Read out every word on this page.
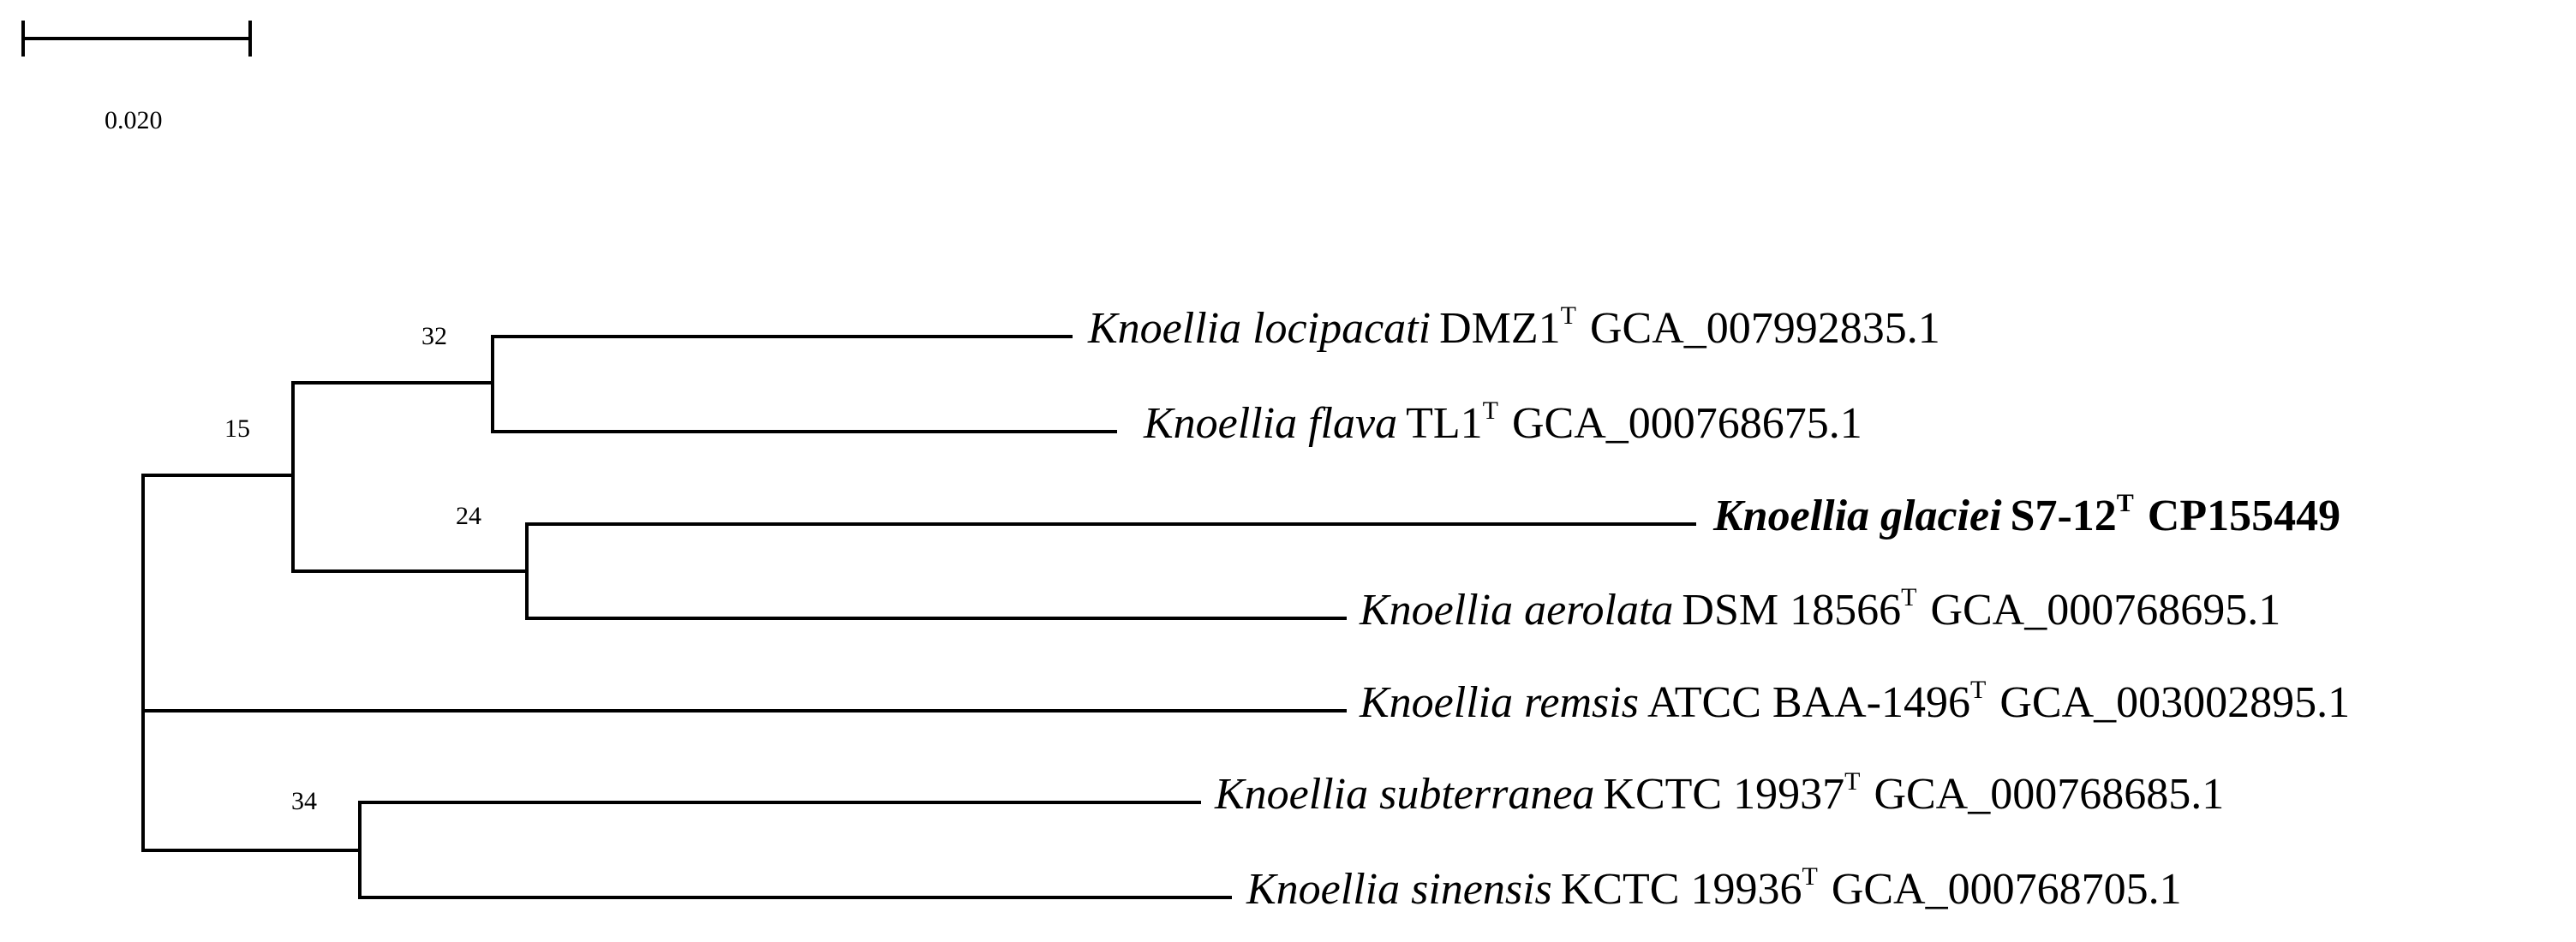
0.020
32
15
24
34
Knoellia locipacati $DMZ1^T$ GCA_007992835.1
Knoellia flava $TL1^T$ GCA_000768675.1
Knoellia glaciei $S7-12^T$ CP155449
Knoellia aerolata DSM $18566^T$ GCA_000768695.1
Knoellia remsis ATCC BAA-$1496^T$ GCA_003002895.1
Knoellia subterranea KCTC $19937^T$ GCA_000768685.1
Knoellia sinensis KCTC $19936^T$ GCA_000768705.1
